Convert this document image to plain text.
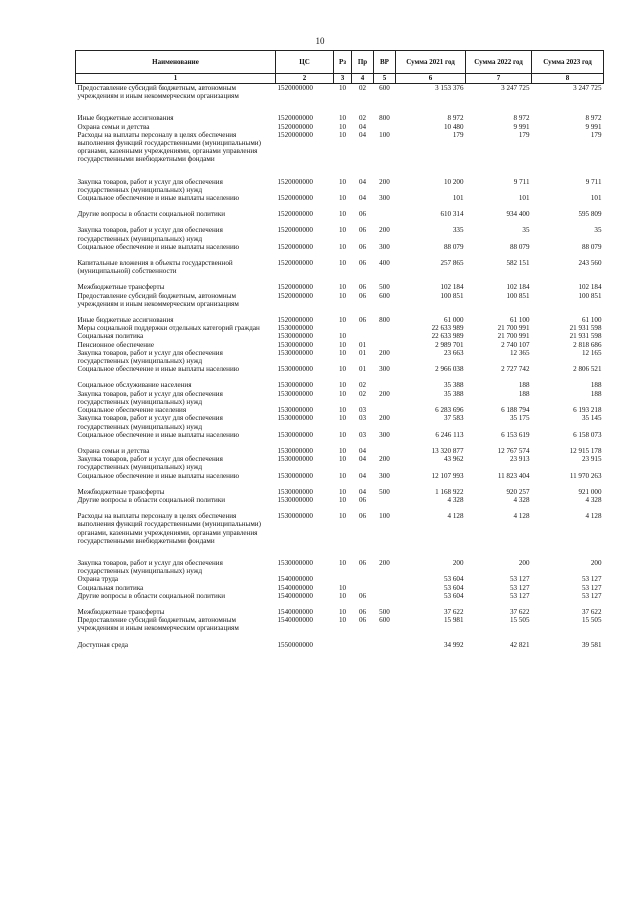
10
Наименование	ЦС	Рз	Пр	ВР	Сумма 2021 год	Сумма 2022 год	Сумма 2023 год
1	2	3	4	5	6	7	8
Предоставление субсидий бюджетным, автономным учреждениям и иным некоммерческим организациям	1520000000	10	02	600	3 153 376	3 247 725	3 247 725

Иные бюджетные ассигнования	1520000000	10	02	800	8 972	8 972	8 972
Охрана семьи и детства	1520000000	10	04		10 480	9 991	9 991
Расходы на выплаты персоналу в целях обеспечения выполнения функций государственными (муниципальными) органами, казенными учреждениями, органами управления государственными внебюджетными фондами	1520000000	10	04	100	179	179	179

Закупка товаров, работ и услуг для обеспечения государственных (муниципальных) нужд	1520000000	10	04	200	10 200	9 711	9 711
Социальное обеспечение и иные выплаты населению	1520000000	10	04	300	101	101	101

Другие вопросы в области социальной политики	1520000000	10	06		610 314	934 400	595 809

Закупка товаров, работ и услуг для обеспечения государственных (муниципальных) нужд	1520000000	10	06	200	335	35	35
Социальное обеспечение и иные выплаты населению	1520000000	10	06	300	88 079	88 079	88 079

Капитальные вложения в объекты государственной (муниципальной) собственности	1520000000	10	06	400	257 865	582 151	243 560

Межбюджетные трансферты	1520000000	10	06	500	102 184	102 184	102 184
Предоставление субсидий бюджетным, автономным учреждениям и иным некоммерческим организациям	1520000000	10	06	600	100 851	100 851	100 851

Иные бюджетные ассигнования	1520000000	10	06	800	61 000	61 100	61 100
Меры социальной поддержки отдельных категорий граждан	1530000000				22 633 989	21 700 991	21 931 598
Социальная политика	1530000000	10			22 633 989	21 700 991	21 931 598
Пенсионное обеспечение	1530000000	10	01		2 989 701	2 740 107	2 818 686
Закупка товаров, работ и услуг для обеспечения государственных (муниципальных) нужд	1530000000	10	01	200	23 663	12 365	12 165
Социальное обеспечение и иные выплаты населению	1530000000	10	01	300	2 966 038	2 727 742	2 806 521

Социальное обслуживание населения	1530000000	10	02		35 388	188	188
Закупка товаров, работ и услуг для обеспечения государственных (муниципальных) нужд	1530000000	10	02	200	35 388	188	188
Социальное обеспечение населения	1530000000	10	03		6 283 696	6 188 794	6 193 218
Закупка товаров, работ и услуг для обеспечения государственных (муниципальных) нужд	1530000000	10	03	200	37 583	35 175	35 145
Социальное обеспечение и иные выплаты населению	1530000000	10	03	300	6 246 113	6 153 619	6 158 073

Охрана семьи и детства	1530000000	10	04		13 320 877	12 767 574	12 915 178
Закупка товаров, работ и услуг для обеспечения государственных (муниципальных) нужд	1530000000	10	04	200	43 962	23 913	23 915
Социальное обеспечение и иные выплаты населению	1530000000	10	04	300	12 107 993	11 823 404	11 970 263

Межбюджетные трансферты	1530000000	10	04	500	1 168 922	920 257	921 000
Другие вопросы в области социальной политики	1530000000	10	06		4 328	4 328	4 328

Расходы на выплаты персоналу в целях обеспечения выполнения функций государственными (муниципальными) органами, казенными учреждениями, органами управления государственными внебюджетными фондами	1530000000	10	06	100	4 128	4 128	4 128

Закупка товаров, работ и услуг для обеспечения государственных (муниципальных) нужд	1530000000	10	06	200	200	200	200
Охрана труда	1540000000				53 604	53 127	53 127
Социальная политика	1540000000	10			53 604	53 127	53 127
Другие вопросы в области социальной политики	1540000000	10	06		53 604	53 127	53 127

Межбюджетные трансферты	1540000000	10	06	500	37 622	37 622	37 622
Предоставление субсидий бюджетным, автономным учреждениям и иным некоммерческим организациям	1540000000	10	06	600	15 981	15 505	15 505

Доступная среда	1550000000				34 992	42 821	39 581
